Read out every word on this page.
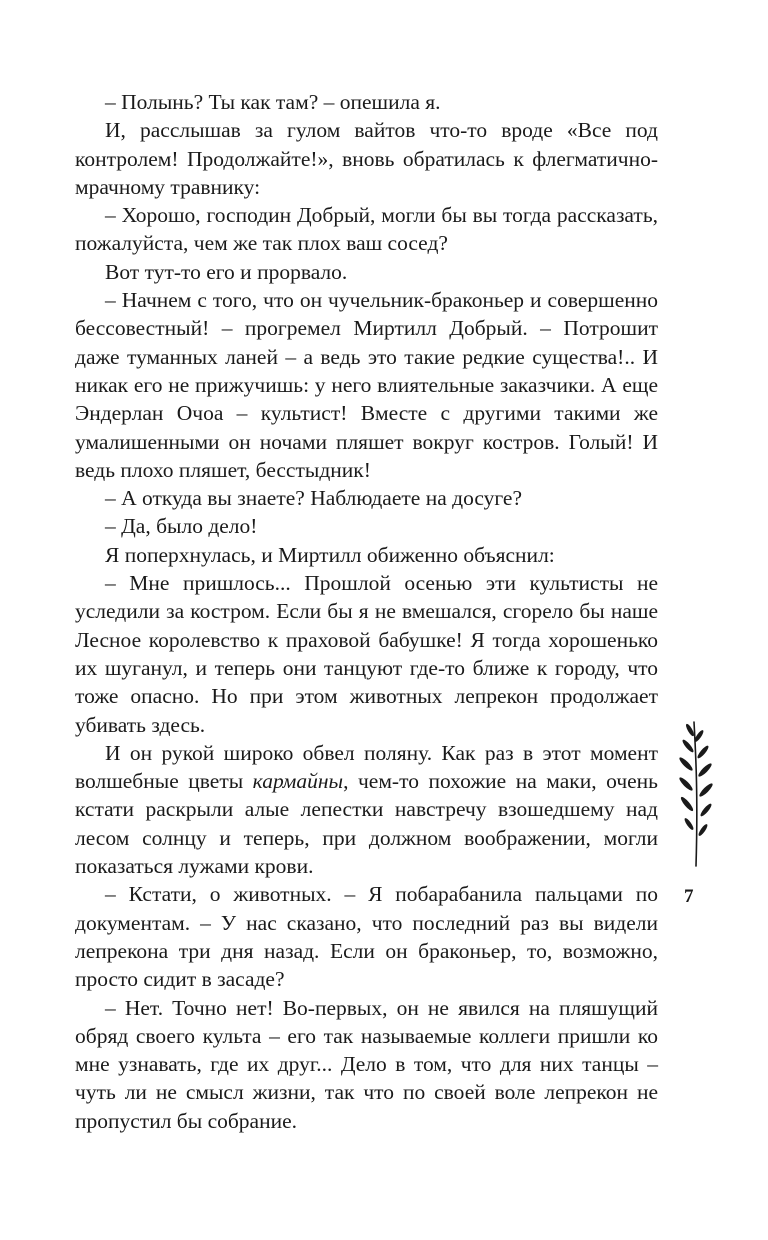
– Полынь? Ты как там? – опешила я.

И, расслышав за гулом вайтов что-то вроде «Все под контролем! Продолжайте!», вновь обратилась к флегматично-мрачному травнику:

– Хорошо, господин Добрый, могли бы вы тогда рассказать, пожалуйста, чем же так плох ваш сосед?

Вот тут-то его и прорвало.

– Начнем с того, что он чучельник-браконьер и совершенно бессовестный! – прогремел Миртилл Добрый. – Потрошит даже туманных ланей – а ведь это такие редкие существа!.. И никак его не прижучишь: у него влиятельные заказчики. А еще Эндерлан Очоа – культист! Вместе с другими такими же умалишенными он ночами пляшет вокруг костров. Голый! И ведь плохо пляшет, бесстыдник!

– А откуда вы знаете? Наблюдаете на досуге?

– Да, было дело!

Я поперхнулась, и Миртилл обиженно объяснил:

– Мне пришлось... Прошлой осенью эти культисты не уследили за костром. Если бы я не вмешался, сгорело бы наше Лесное королевство к праховой бабушке! Я тогда хорошенько их шуганул, и теперь они танцуют где-то ближе к городу, что тоже опасно. Но при этом животных лепрекон продолжает убивать здесь.

И он рукой широко обвел поляну. Как раз в этот момент волшебные цветы кармайны, чем-то похожие на маки, очень кстати раскрыли алые лепестки навстречу взошедшему над лесом солнцу и теперь, при должном воображении, могли показаться лужами крови.

– Кстати, о животных. – Я побарабанила пальцами по документам. – У нас сказано, что последний раз вы видели лепрекона три дня назад. Если он браконьер, то, возможно, просто сидит в засаде?

– Нет. Точно нет! Во-первых, он не явился на пляшущий обряд своего культа – его так называемые коллеги пришли ко мне узнавать, где их друг... Дело в том, что для них танцы – чуть ли не смысл жизни, так что по своей воле лепрекон не пропустил бы собрание.

7
